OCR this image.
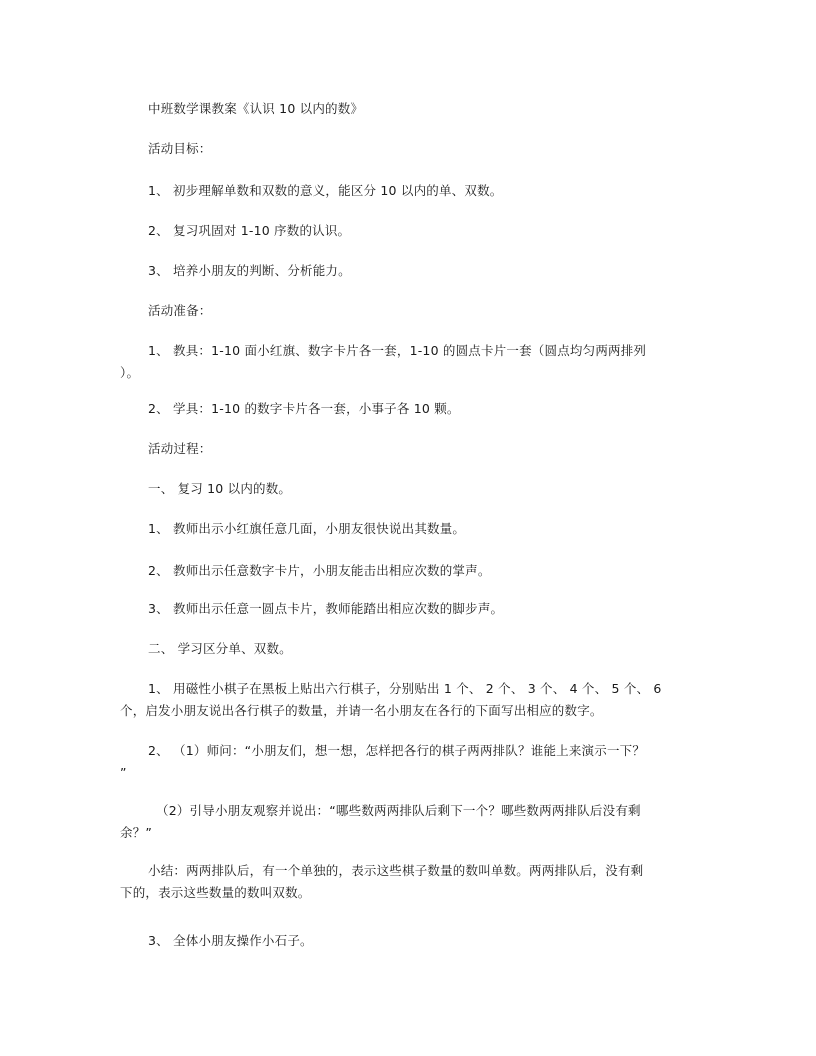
中班数学课教案《认识 10 以内的数》

活动目标：

1、 初步理解单数和双数的意义，能区分 10 以内的单、双数。

2、 复习巩固对 1-10 序数的认识。

3、 培养小朋友的判断、分析能力。

活动准备：

1、 教具：1-10 面小红旗、数字卡片各一套，1-10 的圆点卡片一套（圆点均匀两两排列
）。

2、 学具：1-10 的数字卡片各一套，小事子各 10 颗。

活动过程：

一、 复习 10 以内的数。

1、 教师出示小红旗任意几面，小朋友很快说出其数量。

2、 教师出示任意数字卡片，小朋友能击出相应次数的掌声。

3、 教师出示任意一圆点卡片，教师能踏出相应次数的脚步声。

二、 学习区分单、双数。

1、 用磁性小棋子在黑板上贴出六行棋子，分别贴出 1 个、 2 个、 3 个、 4 个、 5 个、 6
个，启发小朋友说出各行棋子的数量，并请一名小朋友在各行的下面写出相应的数字。
2、 （1）师问：“小朋友们，想一想，怎样把各行的棋子两两排队？谁能上来演示一下？
”
（2）引导小朋友观察并说出：“哪些数两两排队后剩下一个？哪些数两两排队后没有剩
余？”
小结：两两排队后，有一个单独的，表示这些棋子数量的数叫单数。两两排队后，没有剩
下的，表示这些数量的数叫双数。

3、 全体小朋友操作小石子。
